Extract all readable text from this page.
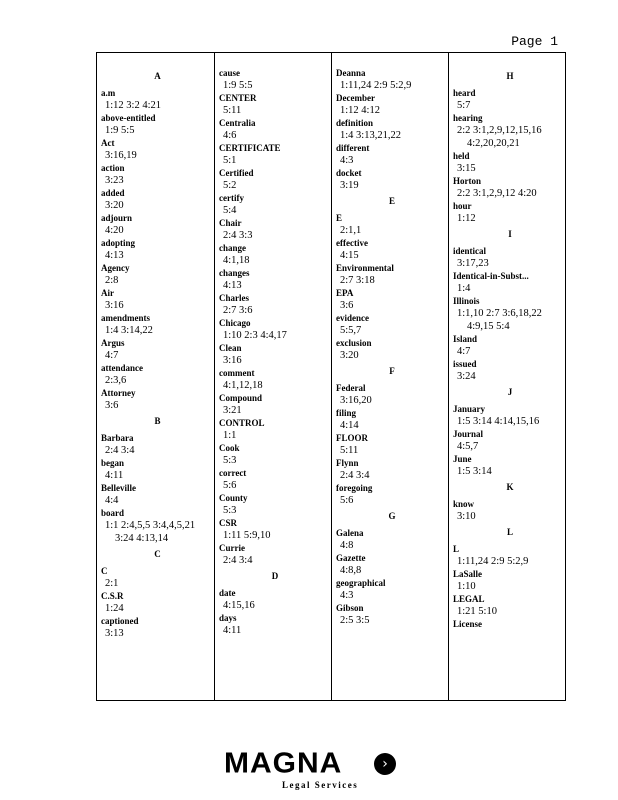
Page 1
A
a.m
1:12 3:2 4:21
above-entitled
1:9 5:5
Act
3:16,19
action
3:23
added
3:20
adjourn
4:20
adopting
4:13
Agency
2:8
Air
3:16
amendments
1:4 3:14,22
Argus
4:7
attendance
2:3,6
Attorney
3:6
B
Barbara
2:4 3:4
began
4:11
Belleville
4:4
board
1:1 2:4,5,5 3:4,4,5,21
3:24 4:13,14
C
C
2:1
C.S.R
1:24
captioned
3:13
cause
1:9 5:5
CENTER
5:11
Centralia
4:6
CERTIFICATE
5:1
Certified
5:2
certify
5:4
Chair
2:4 3:3
change
4:1,18
changes
4:13
Charles
2:7 3:6
Chicago
1:10 2:3 4:4,17
Clean
3:16
comment
4:1,12,18
Compound
3:21
CONTROL
1:1
Cook
5:3
correct
5:6
County
5:3
CSR
1:11 5:9,10
Currie
2:4 3:4
D
date
4:15,16
days
4:11
Deanna
1:11,24 2:9 5:2,9
December
1:12 4:12
definition
1:4 3:13,21,22
different
4:3
docket
3:19
E
E
2:1,1
effective
4:15
Environmental
2:7 3:18
EPA
3:6
evidence
5:5,7
exclusion
3:20
F
Federal
3:16,20
filing
4:14
FLOOR
5:11
Flynn
2:4 3:4
foregoing
5:6
G
Galena
4:8
Gazette
4:8,8
geographical
4:3
Gibson
2:5 3:5
H
heard
5:7
hearing
2:2 3:1,2,9,12,15,16
4:2,20,20,21
held
3:15
Horton
2:2 3:1,2,9,12 4:20
hour
1:12
I
identical
3:17,23
Identical-in-Subst...
1:4
Illinois
1:1,10 2:7 3:6,18,22
4:9,15 5:4
Island
4:7
issued
3:24
J
January
1:5 3:14 4:14,15,16
Journal
4:5,7
June
1:5 3:14
K
know
3:10
L
L
1:11,24 2:9 5:2,9
LaSalle
1:10
LEGAL
1:21 5:10
License
MAGNA	›
Legal Services
